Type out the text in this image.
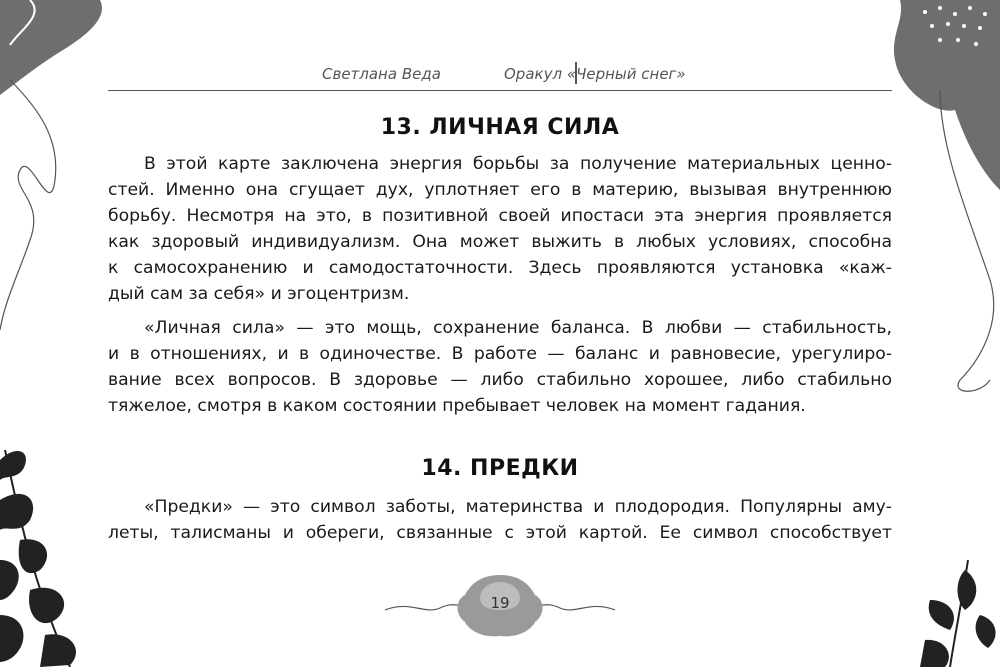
Светлана Веда	Оракул «Черный снег»
13. ЛИЧНАЯ СИЛА
В этой карте заключена энергия борьбы за получение материальных ценно-
стей. Именно она сгущает дух, уплотняет его в материю, вызывая внутреннюю
борьбу. Несмотря на это, в позитивной своей ипостаси эта энергия проявляется
как здоровый индивидуализм. Она может выжить в любых условиях, способна
к самосохранению и самодостаточности. Здесь проявляются установка «каж-
дый сам за себя» и эгоцентризм.
«Личная сила» — это мощь, сохранение баланса. В любви — стабильность,
и в отношениях, и в одиночестве. В работе — баланс и равновесие, урегулиро-
вание всех вопросов. В здоровье — либо стабильно хорошее, либо стабильно
тяжелое, смотря в каком состоянии пребывает человек на момент гадания.
14. ПРЕДКИ
«Предки» — это символ заботы, материнства и плодородия. Популярны аму-
леты, талисманы и обереги, связанные с этой картой. Ее символ способствует
19
